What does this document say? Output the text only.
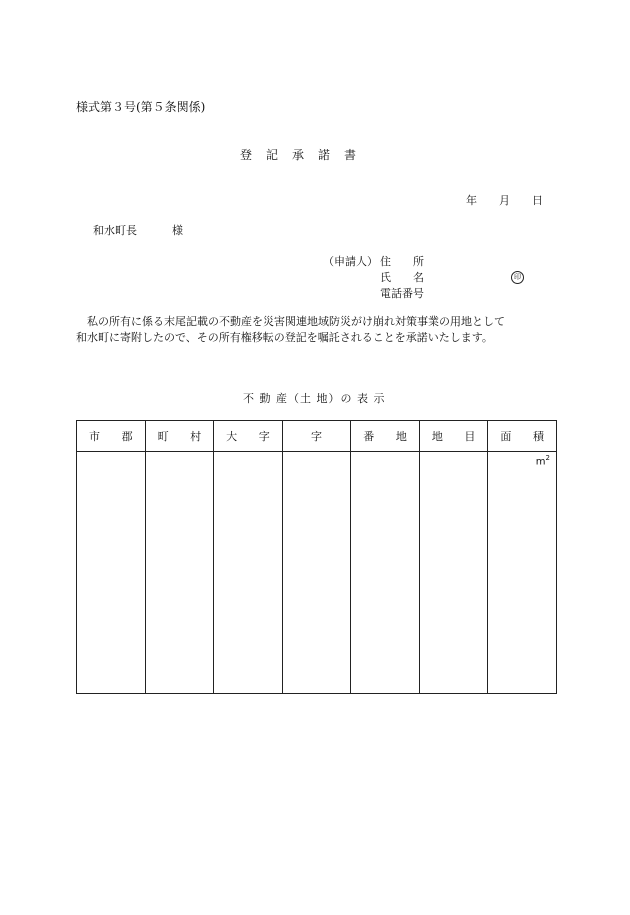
様式第３号(第５条関係)
登　記　承　諾　書
年　　月　　日
和水町長	様
（申請人） 住　　所
氏　　名	印
電話番号
　私の所有に係る末尾記載の不動産を災害関連地域防災がけ崩れ対策事業の用地として
和水町に寄附したので、その所有権移転の登記を嘱託されることを承諾いたします。
不 動 産（土 地）の 表 示
市 郡	町 村	大 字	字	番 地	地 目	面 積

						$m^2$
